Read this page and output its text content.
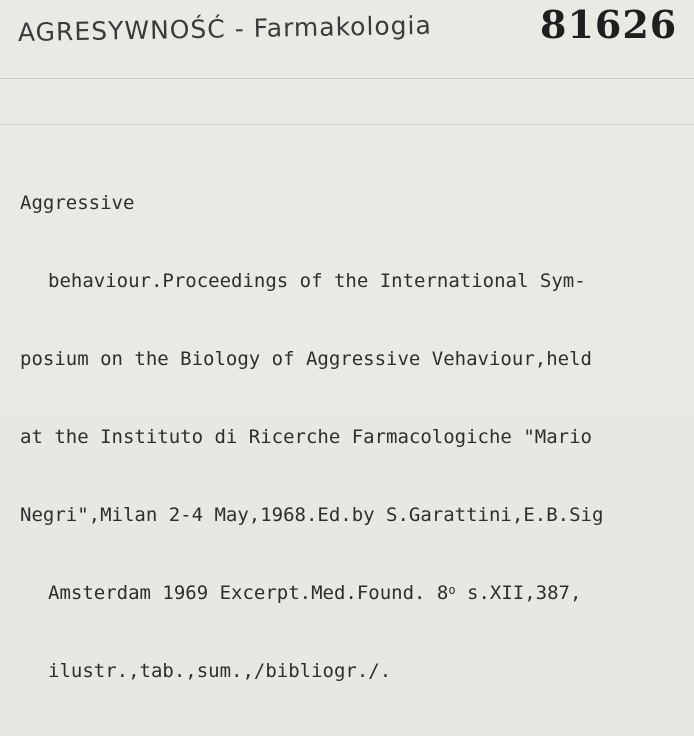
AGRESYWNOŚĆ - Farmakologia	81626

Aggressive

behaviour.Proceedings of the International Sym-

posium on the Biology of Aggressive Vehaviour,held

at the Instituto di Ricerche Farmacologiche "Mario

Negri",Milan 2-4 May,1968.Ed.by S.Garattini,E.B.Sig

Amsterdam 1969 Excerpt.Med.Found. 8$^o$ s.XII,387,

ilustr.,tab.,sum.,/bibliogr./.
